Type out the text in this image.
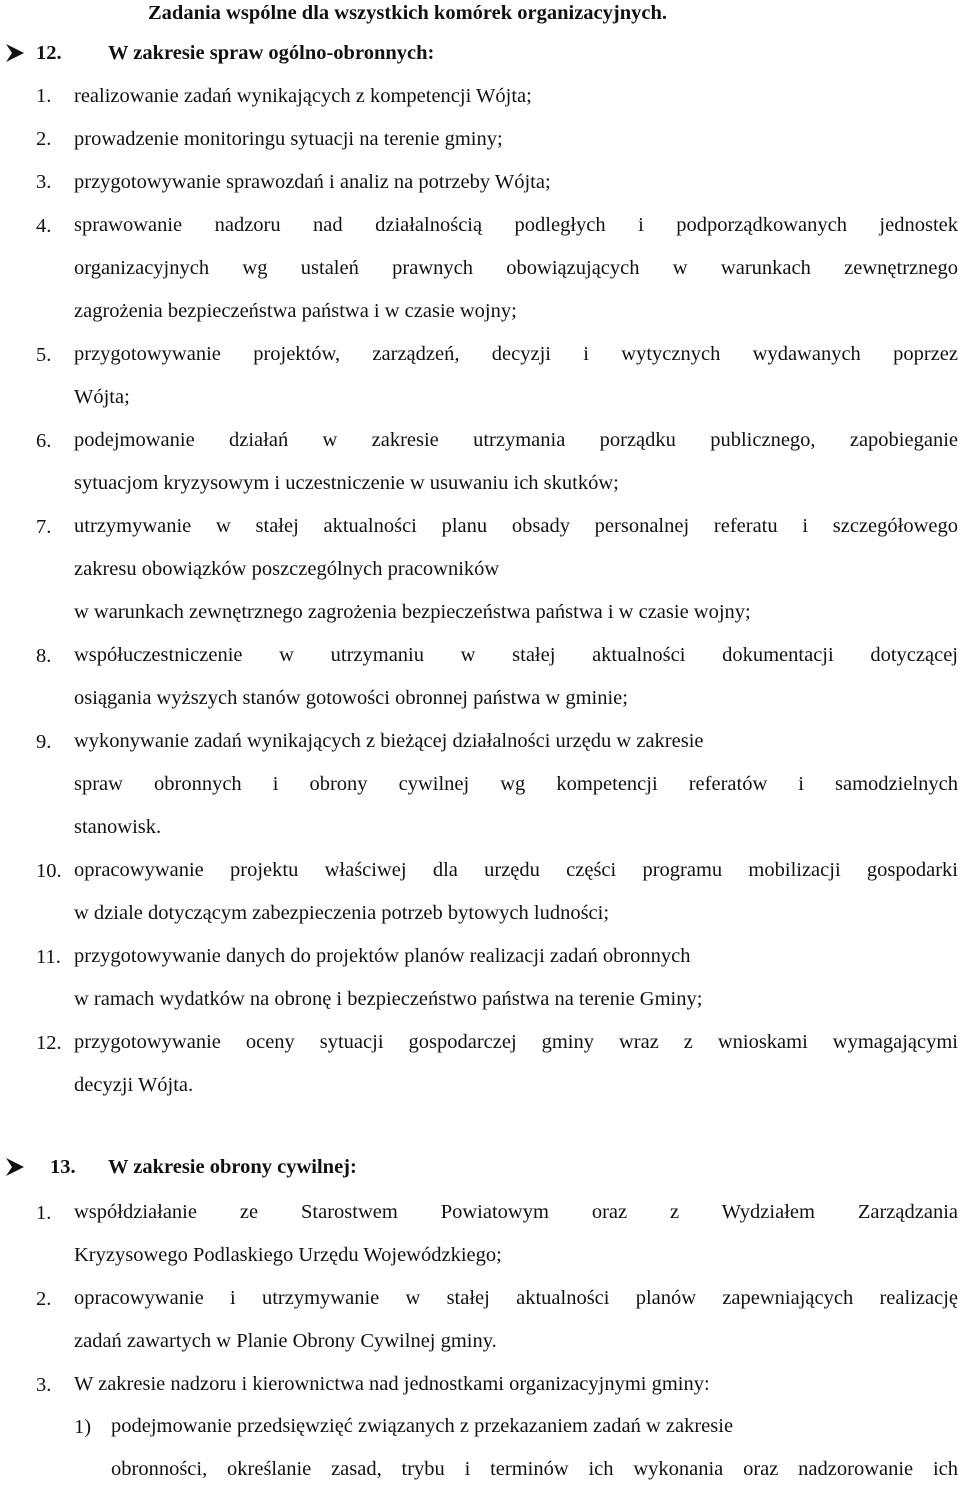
Zadania wspólne dla wszystkich komórek organizacyjnych.
12. W zakresie spraw ogólno-obronnych:
1. realizowanie zadań wynikających z kompetencji Wójta;
2. prowadzenie monitoringu sytuacji na terenie gminy;
3. przygotowywanie sprawozdań i analiz na potrzeby Wójta;
4. sprawowanie nadzoru nad działalnością podległych i podporządkowanych jednostek
organizacyjnych wg ustaleń prawnych obowiązujących w warunkach zewnętrznego
zagrożenia bezpieczeństwa państwa i w czasie wojny;
5. przygotowywanie projektów, zarządzeń, decyzji i wytycznych wydawanych poprzez
Wójta;
6. podejmowanie działań w zakresie utrzymania porządku publicznego, zapobieganie
sytuacjom kryzysowym i uczestniczenie w usuwaniu ich skutków;
7. utrzymywanie w stałej aktualności planu obsady personalnej referatu i szczegółowego
zakresu obowiązków poszczególnych pracowników
w warunkach zewnętrznego zagrożenia bezpieczeństwa państwa i w czasie wojny;
8. współuczestniczenie w utrzymaniu w stałej aktualności dokumentacji dotyczącej
osiągania wyższych stanów gotowości obronnej państwa w gminie;
9. wykonywanie zadań wynikających z bieżącej działalności urzędu w zakresie
spraw obronnych i obrony cywilnej wg kompetencji referatów i samodzielnych
stanowisk.
10. opracowywanie projektu właściwej dla urzędu części programu mobilizacji gospodarki
w dziale dotyczącym zabezpieczenia potrzeb bytowych ludności;
11. przygotowywanie danych do projektów planów realizacji zadań obronnych
w ramach wydatków na obronę i bezpieczeństwo państwa na terenie Gminy;
12. przygotowywanie oceny sytuacji gospodarczej gminy wraz z wnioskami wymagającymi
decyzji Wójta.
13. W zakresie obrony cywilnej:
1. współdziałanie ze Starostwem Powiatowym oraz z Wydziałem Zarządzania
Kryzysowego Podlaskiego Urzędu Wojewódzkiego;
2. opracowywanie i utrzymywanie w stałej aktualności planów zapewniających realizację
zadań zawartych w Planie Obrony Cywilnej gminy.
3. W zakresie nadzoru i kierownictwa nad jednostkami organizacyjnymi gminy:
1) podejmowanie przedsięwzięć związanych z przekazaniem zadań w zakresie
obronności, określanie zasad, trybu i terminów ich wykonania oraz nadzorowanie ich
